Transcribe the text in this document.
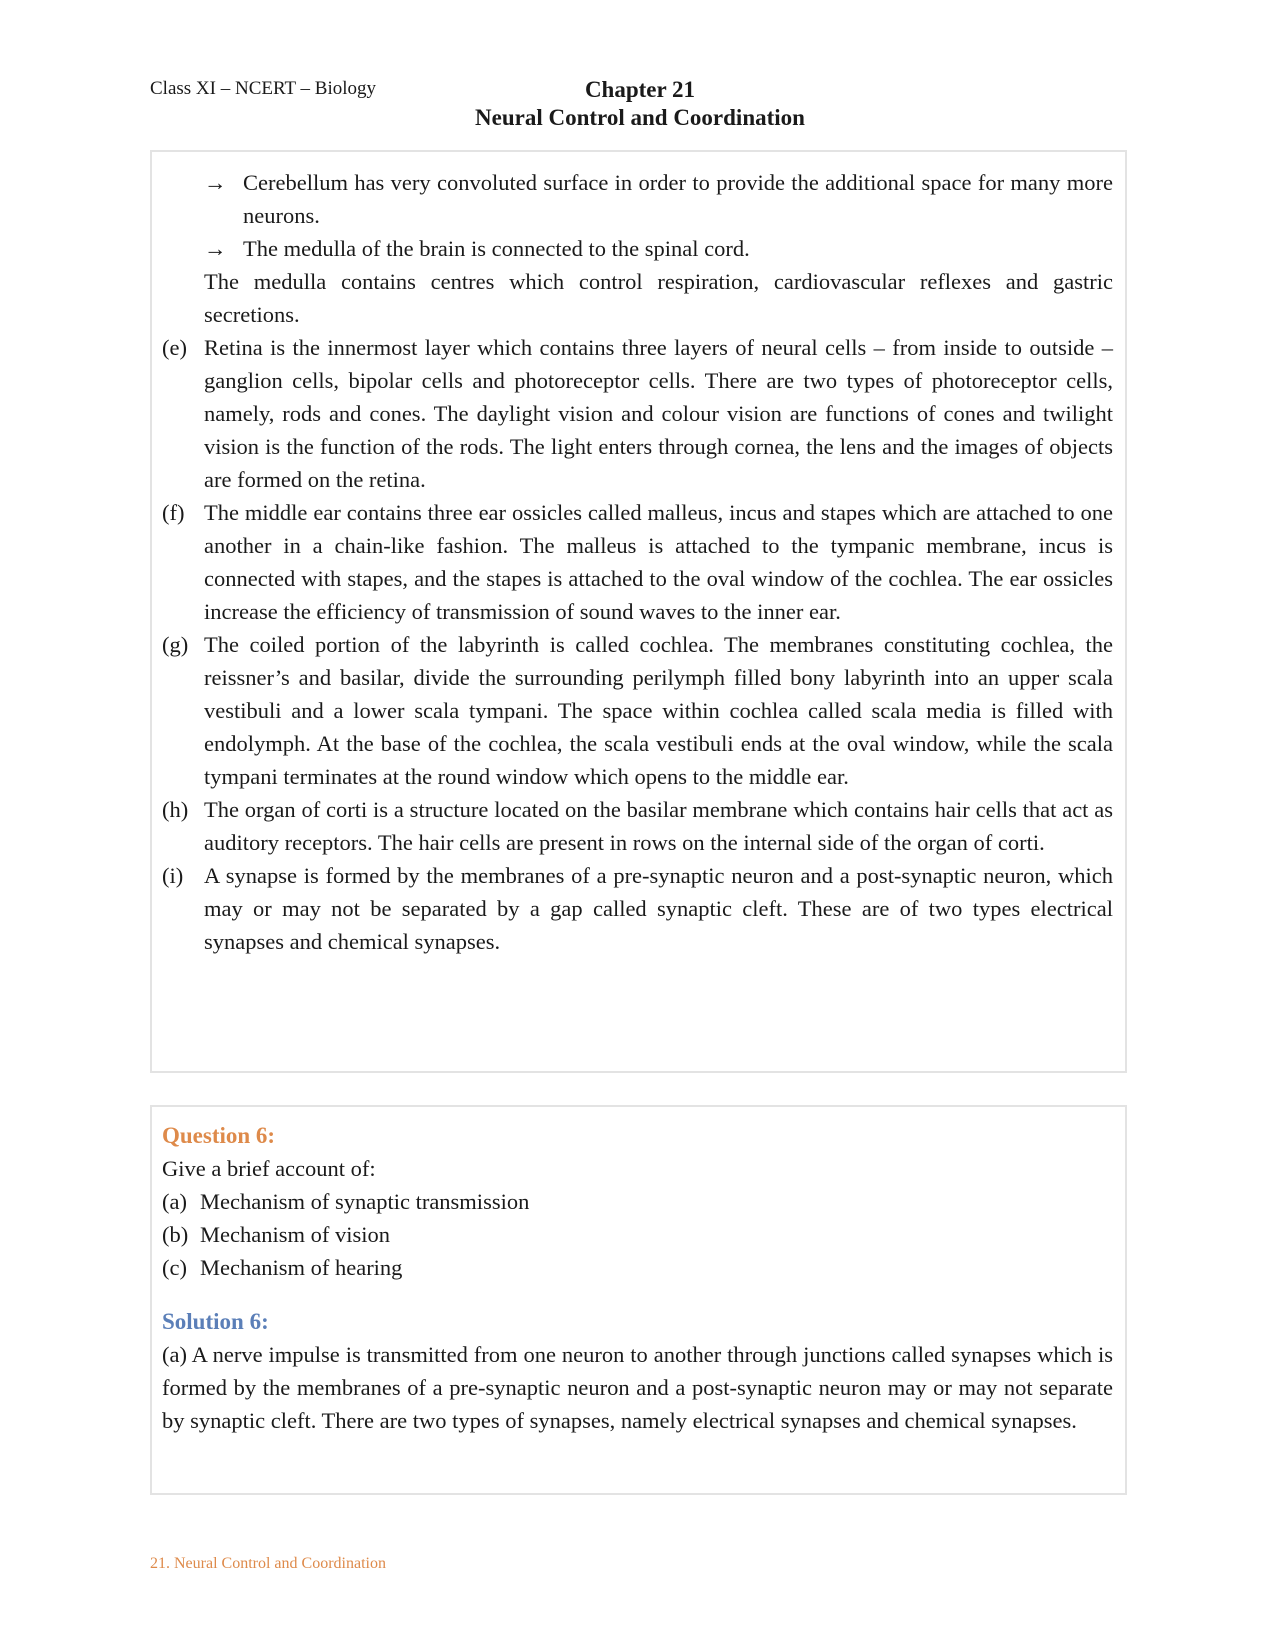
Class XI – NCERT – Biology	Chapter 21
Neural Control and Coordination
→ Cerebellum has very convoluted surface in order to provide the additional space for many more neurons.
→ The medulla of the brain is connected to the spinal cord.
The medulla contains centres which control respiration, cardiovascular reflexes and gastric secretions.
(e) Retina is the innermost layer which contains three layers of neural cells – from inside to outside – ganglion cells, bipolar cells and photoreceptor cells. There are two types of photoreceptor cells, namely, rods and cones. The daylight vision and colour vision are functions of cones and twilight vision is the function of the rods. The light enters through cornea, the lens and the images of objects are formed on the retina.
(f) The middle ear contains three ear ossicles called malleus, incus and stapes which are attached to one another in a chain-like fashion. The malleus is attached to the tympanic membrane, incus is connected with stapes, and the stapes is attached to the oval window of the cochlea. The ear ossicles increase the efficiency of transmission of sound waves to the inner ear.
(g) The coiled portion of the labyrinth is called cochlea. The membranes constituting cochlea, the reissner’s and basilar, divide the surrounding perilymph filled bony labyrinth into an upper scala vestibuli and a lower scala tympani. The space within cochlea called scala media is filled with endolymph. At the base of the cochlea, the scala vestibuli ends at the oval window, while the scala tympani terminates at the round window which opens to the middle ear.
(h) The organ of corti is a structure located on the basilar membrane which contains hair cells that act as auditory receptors. The hair cells are present in rows on the internal side of the organ of corti.
(i) A synapse is formed by the membranes of a pre-synaptic neuron and a post-synaptic neuron, which may or may not be separated by a gap called synaptic cleft. These are of two types electrical synapses and chemical synapses.
Question 6:
Give a brief account of:
(a) Mechanism of synaptic transmission
(b) Mechanism of vision
(c) Mechanism of hearing
Solution 6:
(a) A nerve impulse is transmitted from one neuron to another through junctions called synapses which is formed by the membranes of a pre-synaptic neuron and a post-synaptic neuron may or may not separate by synaptic cleft. There are two types of synapses, namely electrical synapses and chemical synapses.
21. Neural Control and Coordination
